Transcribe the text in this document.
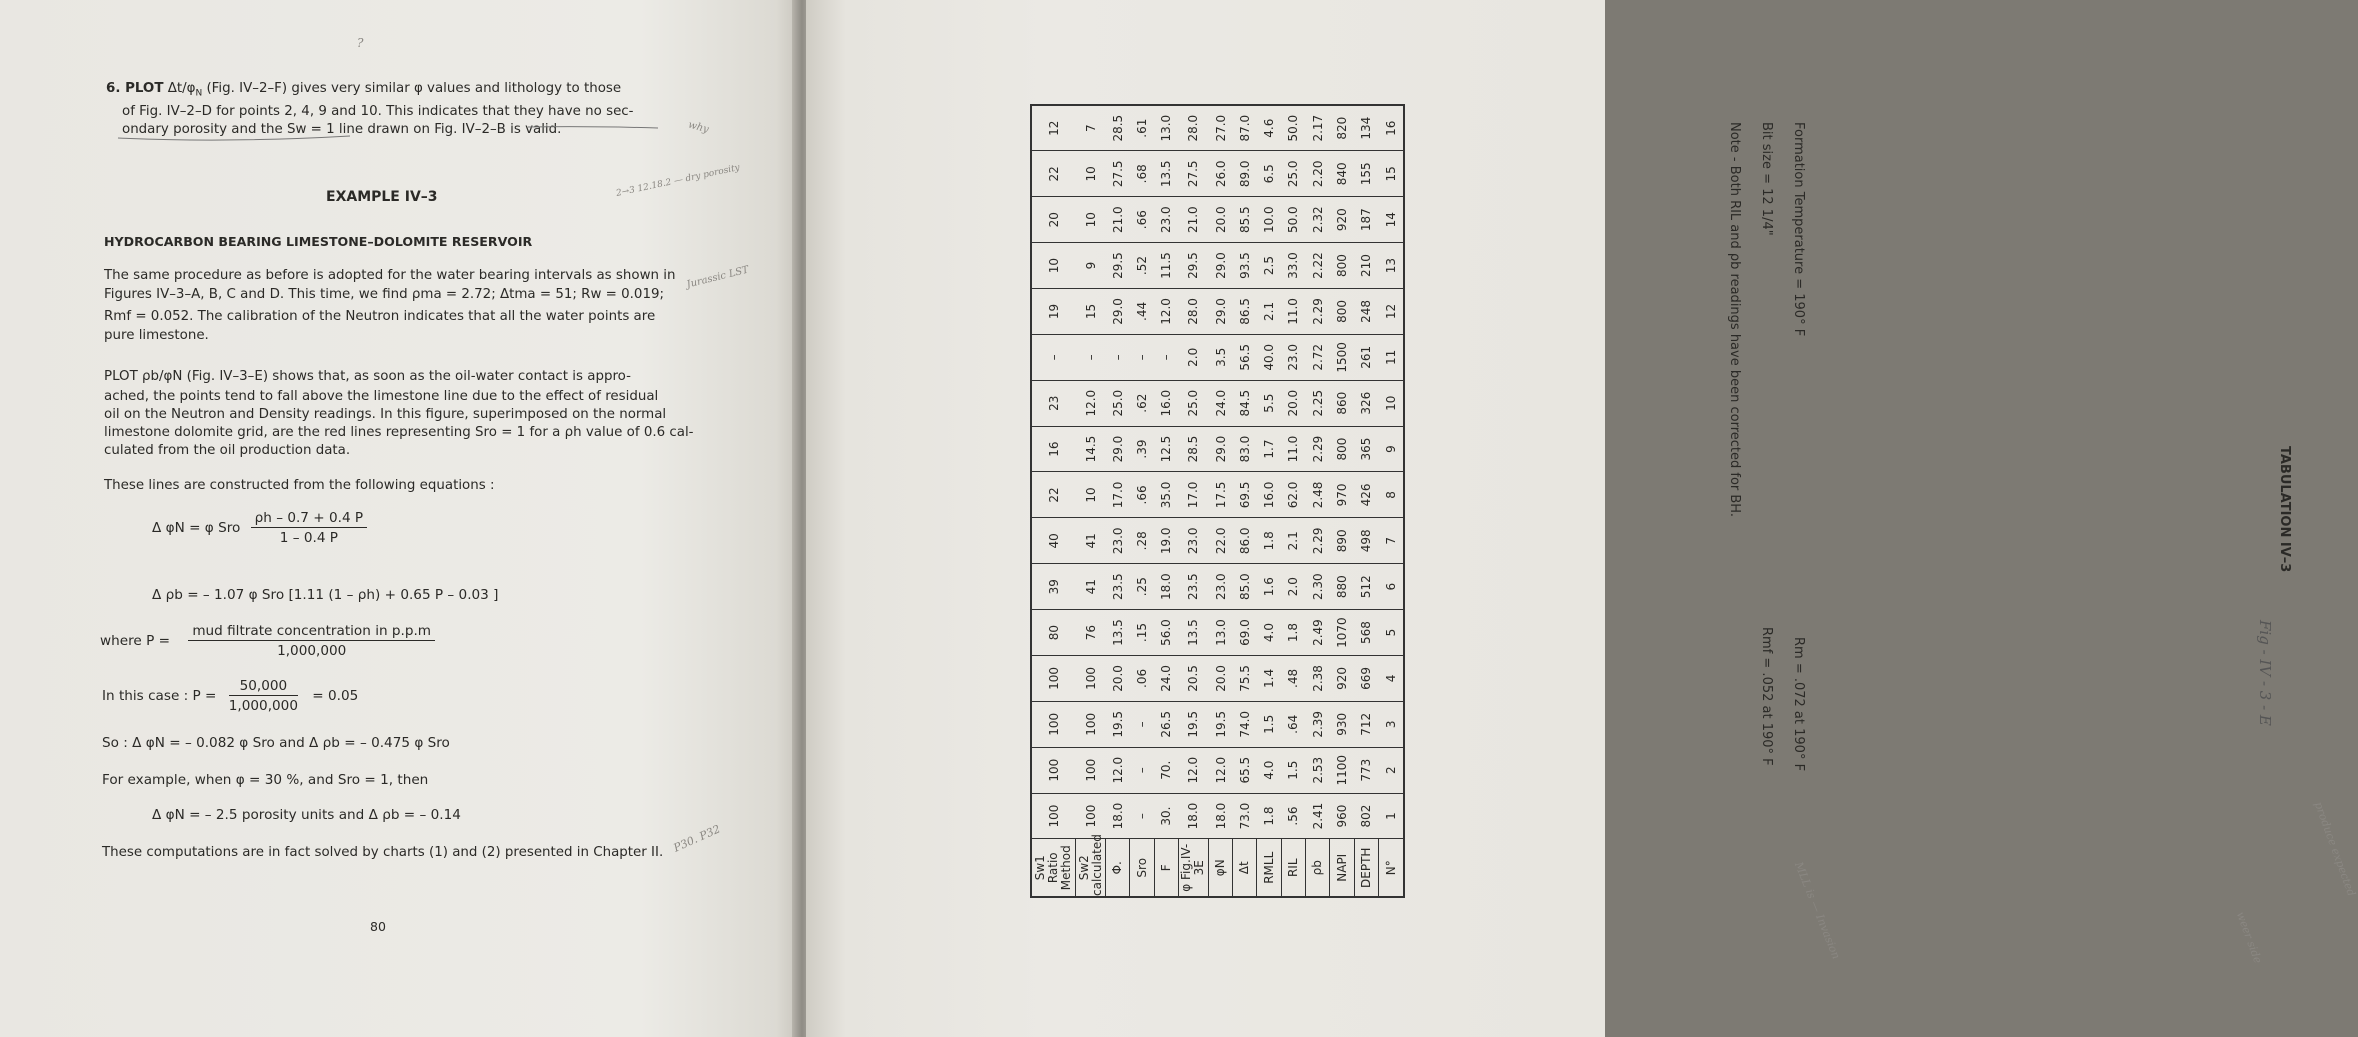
6. PLOT $\Delta t/\varphi_N$ (Fig. IV–2–F) gives very similar φ values and lithology to those
of Fig. IV–2–D for points 2, 4, 9 and 10. This indicates that they have no sec-
ondary porosity and the Sw = 1 line drawn on Fig. IV–2–B is valid.
EXAMPLE IV–3
HYDROCARBON BEARING LIMESTONE–DOLOMITE RESERVOIR
The same procedure as before is adopted for the water bearing intervals as shown in
Figures IV–3–A, B, C and D. This time, we find ρma = 2.72; Δtma = 51; Rw = 0.019;
Rmf = 0.052. The calibration of the Neutron indicates that all the water points are
pure limestone.
PLOT ρb/φN (Fig. IV–3–E) shows that, as soon as the oil-water contact is appro-
ached, the points tend to fall above the limestone line due to the effect of residual
oil on the Neutron and Density readings. In this figure, superimposed on the normal
limestone dolomite grid, are the red lines representing Sro = 1 for a ρh value of 0.6 cal-
culated from the oil production data.
These lines are constructed from the following equations :
Δ φN = φ Sro $\frac{\rho h - 0.7 + 0.4 P}{1 - 0.4 P}$
Δ ρb = – 1.07 φ Sro [1.11 (1 – ρh) + 0.65 P – 0.03 ]
where $P = \frac{\text{mud filtrate concentration in p.p.m}}{1,000,000}$
In this case : $P = \frac{50,000}{1,000,000} = 0.05$
So : Δ φN = – 0.082 φ Sro and Δ ρb = – 0.475 φ Sro
For example, when φ = 30 %, and Sro = 1, then
Δ φN = – 2.5 porosity units and Δ ρb = – 0.14
These computations are in fact solved by charts (1) and (2) presented in Chapter II.
80
?
why
2→3 12.18.2 — dry porosity
Jurassic LST
P30. P32
TABULATION IV–3
Fig - IV - 3 - E
produce expected
MLL is — Invasion	weer side
Formation Temperature = 190° F
Rm = .072 at 190° F
Bit size = 12 1/4"
Rmf = .052 at 190° F
Note - Both RIL and ρb readings have been corrected for BH.
Sw1 Ratio Method	100	100	100	100	80	39	40	22	16	23	–	19	10	20	22	12
Sw2 calculated	100	100	100	100	76	41	41	10	14.5	12.0	–	15	9	10	10	7
Φ.	18.0	12.0	19.5	20.0	13.5	23.5	23.0	17.0	29.0	25.0	–	29.0	29.5	21.0	27.5	28.5
Sro	–	–	–	.06	.15	.25	.28	.66	.39	.62	–	.44	.52	.66	.68	.61
F	30.	70.	26.5	24.0	56.0	18.0	19.0	35.0	12.5	16.0	–	12.0	11.5	23.0	13.5	13.0
φ Fig.IV-3E	18.0	12.0	19.5	20.5	13.5	23.5	23.0	17.0	28.5	25.0	2.0	28.0	29.5	21.0	27.5	28.0
φN	18.0	12.0	19.5	20.0	13.0	23.0	22.0	17.5	29.0	24.0	3.5	29.0	29.0	20.0	26.0	27.0
Δt	73.0	65.5	74.0	75.5	69.0	85.0	86.0	69.5	83.0	84.5	56.5	86.5	93.5	85.5	89.0	87.0
RMLL	1.8	4.0	1.5	1.4	4.0	1.6	1.8	16.0	1.7	5.5	40.0	2.1	2.5	10.0	6.5	4.6
RIL	.56	1.5	.64	.48	1.8	2.0	2.1	62.0	11.0	20.0	23.0	11.0	33.0	50.0	25.0	50.0
ρb	2.41	2.53	2.39	2.38	2.49	2.30	2.29	2.48	2.29	2.25	2.72	2.29	2.22	2.32	2.20	2.17
NAPI	960	1100	930	920	1070	880	890	970	800	860	1500	800	800	920	840	820
DEPTH	802	773	712	669	568	512	498	426	365	326	261	248	210	187	155	134
N°	1	2	3	4	5	6	7	8	9	10	11	12	13	14	15	16
